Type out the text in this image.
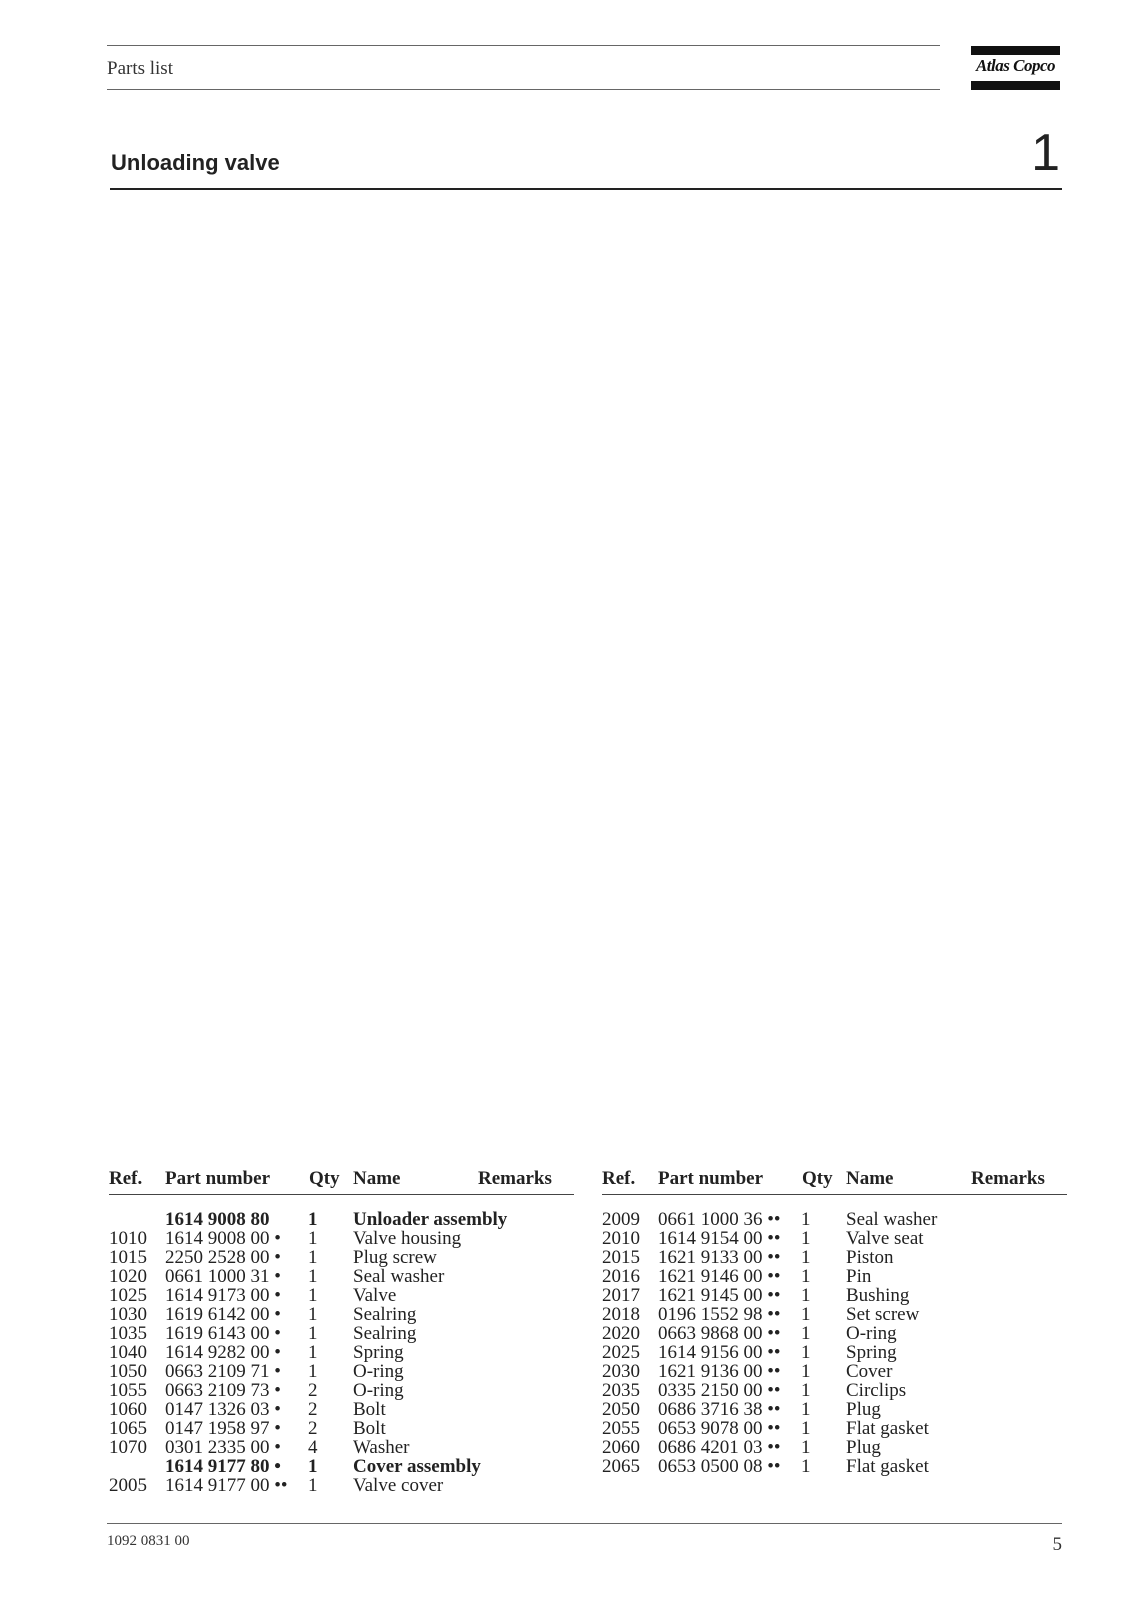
Parts list	Atlas Copco
Unloading valve	1
Ref. Part number Qty Name	Remarks
1614 9008 80 1 Unloader assembly
1010 1614 9008 00 • 1 Valve housing
1015 2250 2528 00 • 1 Plug screw
1020 0661 1000 31 • 1 Seal washer
1025 1614 9173 00 • 1 Valve
1030 1619 6142 00 • 1 Sealring
1035 1619 6143 00 • 1 Sealring
1040 1614 9282 00 • 1 Spring
1050 0663 2109 71 • 1 O-ring
1055 0663 2109 73 • 2 O-ring
1060 0147 1326 03 • 2 Bolt
1065 0147 1958 97 • 2 Bolt
1070 0301 2335 00 • 4 Washer
1614 9177 80 • 1 Cover assembly
2005 1614 9177 00 •• 1 Valve cover
Ref. Part number Qty Name	Remarks
2009 0661 1000 36 •• 1 Seal washer
2010 1614 9154 00 •• 1 Valve seat
2015 1621 9133 00 •• 1 Piston
2016 1621 9146 00 •• 1 Pin
2017 1621 9145 00 •• 1 Bushing
2018 0196 1552 98 •• 1 Set screw
2020 0663 9868 00 •• 1 O-ring
2025 1614 9156 00 •• 1 Spring
2030 1621 9136 00 •• 1 Cover
2035 0335 2150 00 •• 1 Circlips
2050 0686 3716 38 •• 1 Plug
2055 0653 9078 00 •• 1 Flat gasket
2060 0686 4201 03 •• 1 Plug
2065 0653 0500 08 •• 1 Flat gasket
1092 0831 00	5
